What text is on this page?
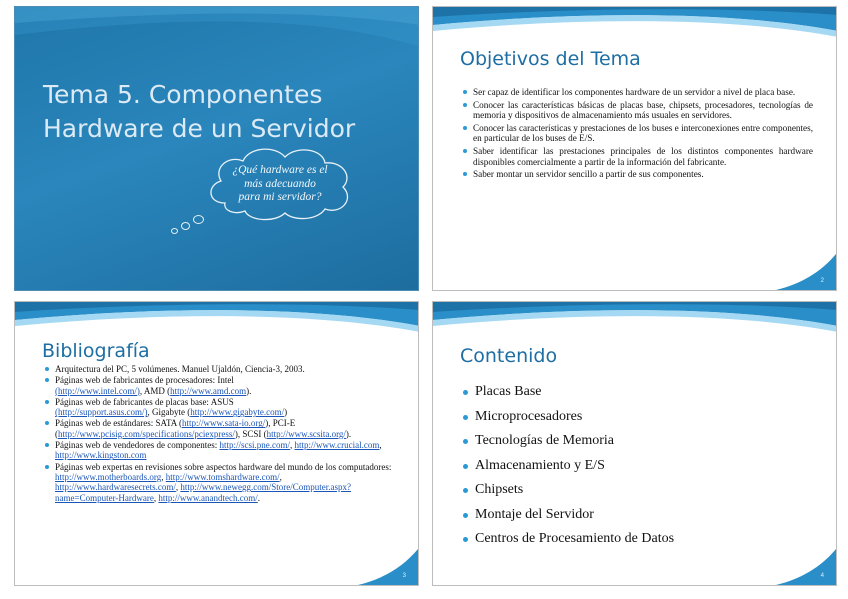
Tema 5. Componentes
Hardware de un Servidor
¿Qué hardware es el
más adecuando
para mi servidor?
Objetivos del Tema
Ser capaz de identificar los componentes hardware de un servidor a nivel de placa base.
Conocer las características básicas de placas base, chipsets, procesadores, tecnologías de memoria y dispositivos de almacenamiento más usuales en servidores.
Conocer las características y prestaciones de los buses e interconexiones entre componentes, en particular de los buses de E/S.
Saber identificar las prestaciones principales de los distintos componentes hardware disponibles comercialmente a partir de la información del fabricante.
Saber montar un servidor sencillo a partir de sus componentes.
2
Bibliografía
Arquitectura del PC, 5 volúmenes. Manuel Ujaldón, Ciencia-3, 2003.
Páginas web de fabricantes de procesadores: Intel
(http://www.intel.com/), AMD (http://www.amd.com).
Páginas web de fabricantes de placas base: ASUS
(http://support.asus.com/), Gigabyte (http://www.gigabyte.com/)
Páginas web de estándares: SATA (http://www.sata-io.org/), PCI-E (http://www.pcisig.com/specifications/pciexpress/), SCSI (http://www.scsita.org/).
Páginas web de vendedores de componentes: http://scsi.pne.com/, http://www.crucial.com, http://www.kingston.com
Páginas web expertas en revisiones sobre aspectos hardware del mundo de los computadores: http://www.motherboards.org, http://www.tomshardware.com/, http://www.hardwaresecrets.com/, http://www.newegg.com/Store/Computer.aspx?name=Computer-Hardware, http://www.anandtech.com/.
3
Contenido
Placas Base
Microprocesadores
Tecnologías de Memoria
Almacenamiento y E/S
Chipsets
Montaje del Servidor
Centros de Procesamiento de Datos
4
